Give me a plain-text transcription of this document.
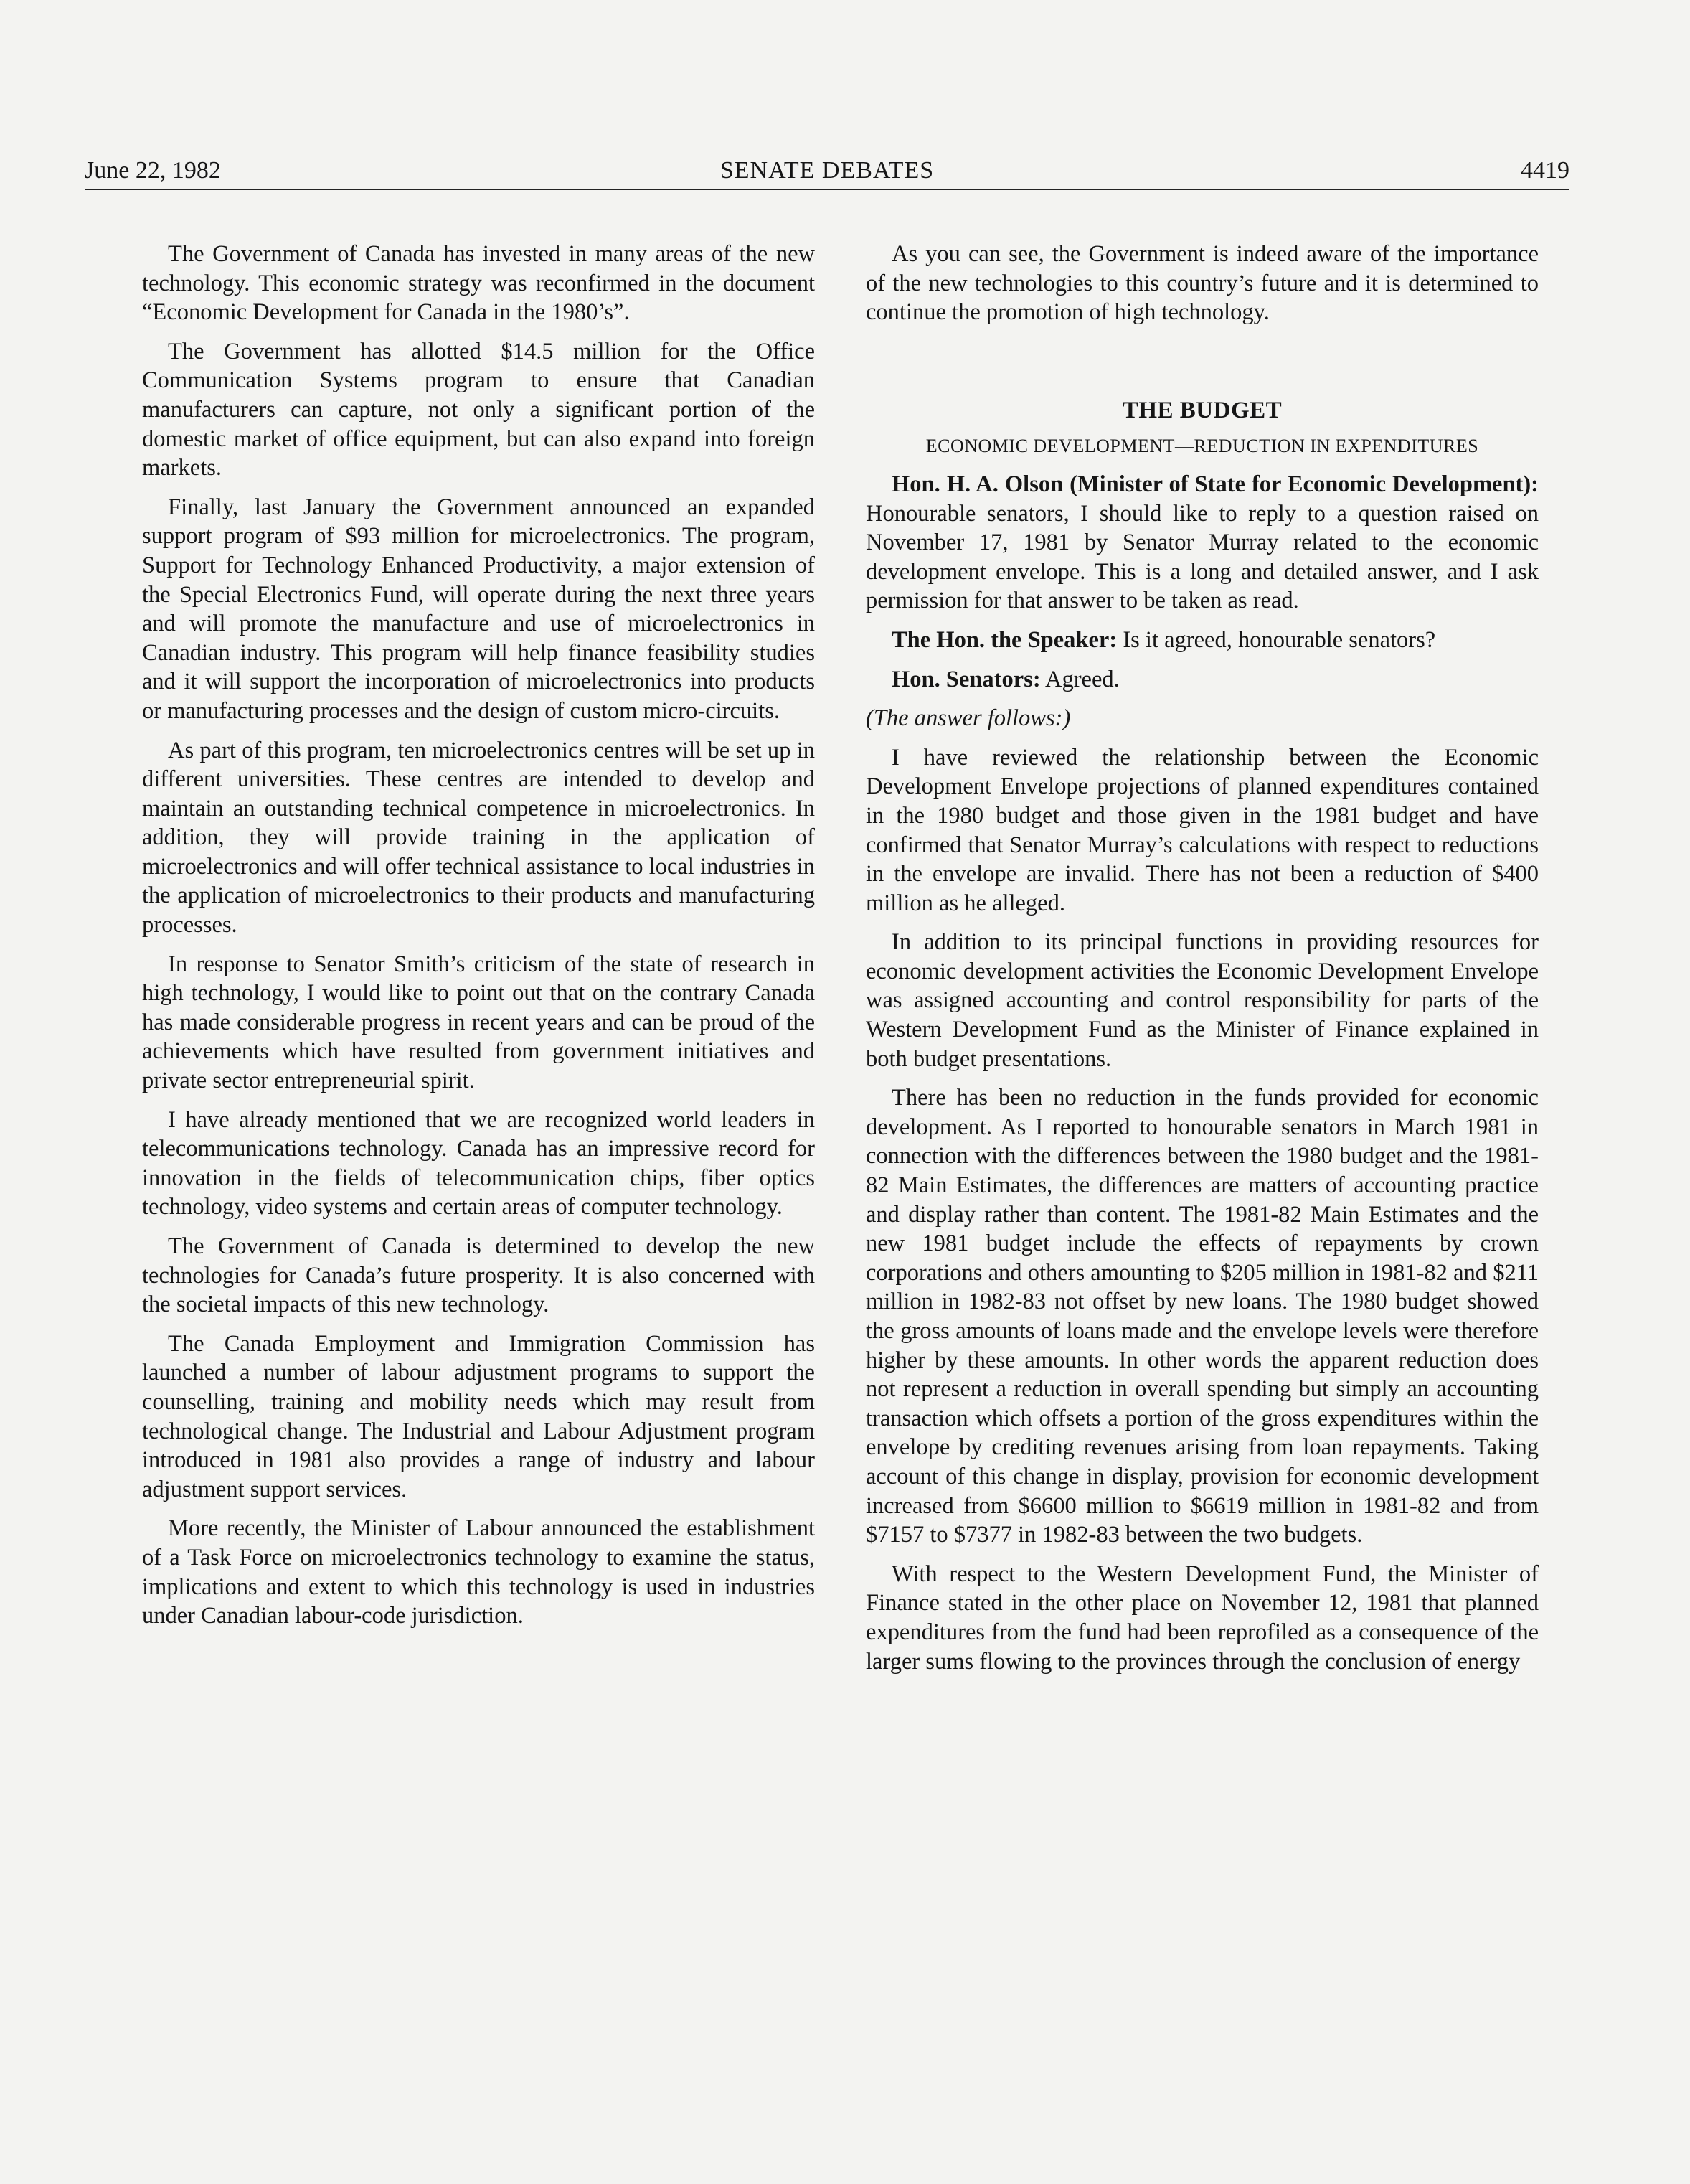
June 22, 1982	SENATE DEBATES	4419

The Government of Canada has invested in many areas of the new technology. This economic strategy was reconfirmed in the document “Economic Development for Canada in the 1980’s”.

The Government has allotted $14.5 million for the Office Communication Systems program to ensure that Canadian manufacturers can capture, not only a significant portion of the domestic market of office equipment, but can also expand into foreign markets.

Finally, last January the Government announced an expanded support program of $93 million for microelectronics. The program, Support for Technology Enhanced Productivity, a major extension of the Special Electronics Fund, will operate during the next three years and will promote the manufacture and use of microelectronics in Canadian industry. This program will help finance feasibility studies and it will support the incorporation of microelectronics into products or manufacturing processes and the design of custom micro-circuits.

As part of this program, ten microelectronics centres will be set up in different universities. These centres are intended to develop and maintain an outstanding technical competence in microelectronics. In addition, they will provide training in the application of microelectronics and will offer technical assistance to local industries in the application of microelectronics to their products and manufacturing processes.

In response to Senator Smith’s criticism of the state of research in high technology, I would like to point out that on the contrary Canada has made considerable progress in recent years and can be proud of the achievements which have resulted from government initiatives and private sector entrepreneurial spirit.

I have already mentioned that we are recognized world leaders in telecommunications technology. Canada has an impressive record for innovation in the fields of telecommunication chips, fiber optics technology, video systems and certain areas of computer technology.

The Government of Canada is determined to develop the new technologies for Canada’s future prosperity. It is also concerned with the societal impacts of this new technology.

The Canada Employment and Immigration Commission has launched a number of labour adjustment programs to support the counselling, training and mobility needs which may result from technological change. The Industrial and Labour Adjustment program introduced in 1981 also provides a range of industry and labour adjustment support services.

More recently, the Minister of Labour announced the establishment of a Task Force on microelectronics technology to examine the status, implications and extent to which this technology is used in industries under Canadian labour-code jurisdiction.

As you can see, the Government is indeed aware of the importance of the new technologies to this country’s future and it is determined to continue the promotion of high technology.

THE BUDGET
ECONOMIC DEVELOPMENT—REDUCTION IN EXPENDITURES

Hon. H. A. Olson (Minister of State for Economic Development): Honourable senators, I should like to reply to a question raised on November 17, 1981 by Senator Murray related to the economic development envelope. This is a long and detailed answer, and I ask permission for that answer to be taken as read.

The Hon. the Speaker: Is it agreed, honourable senators?

Hon. Senators: Agreed.

(The answer follows:)

I have reviewed the relationship between the Economic Development Envelope projections of planned expenditures contained in the 1980 budget and those given in the 1981 budget and have confirmed that Senator Murray’s calculations with respect to reductions in the envelope are invalid. There has not been a reduction of $400 million as he alleged.

In addition to its principal functions in providing resources for economic development activities the Economic Development Envelope was assigned accounting and control responsibility for parts of the Western Development Fund as the Minister of Finance explained in both budget presentations.

There has been no reduction in the funds provided for economic development. As I reported to honourable senators in March 1981 in connection with the differences between the 1980 budget and the 1981-82 Main Estimates, the differences are matters of accounting practice and display rather than content. The 1981-82 Main Estimates and the new 1981 budget include the effects of repayments by crown corporations and others amounting to $205 million in 1981-82 and $211 million in 1982-83 not offset by new loans. The 1980 budget showed the gross amounts of loans made and the envelope levels were therefore higher by these amounts. In other words the apparent reduction does not represent a reduction in overall spending but simply an accounting transaction which offsets a portion of the gross expenditures within the envelope by crediting revenues arising from loan repayments. Taking account of this change in display, provision for economic development increased from $6600 million to $6619 million in 1981-82 and from $7157 to $7377 in 1982-83 between the two budgets.

With respect to the Western Development Fund, the Minister of Finance stated in the other place on November 12, 1981 that planned expenditures from the fund had been reprofiled as a consequence of the larger sums flowing to the provinces through the conclusion of energy
